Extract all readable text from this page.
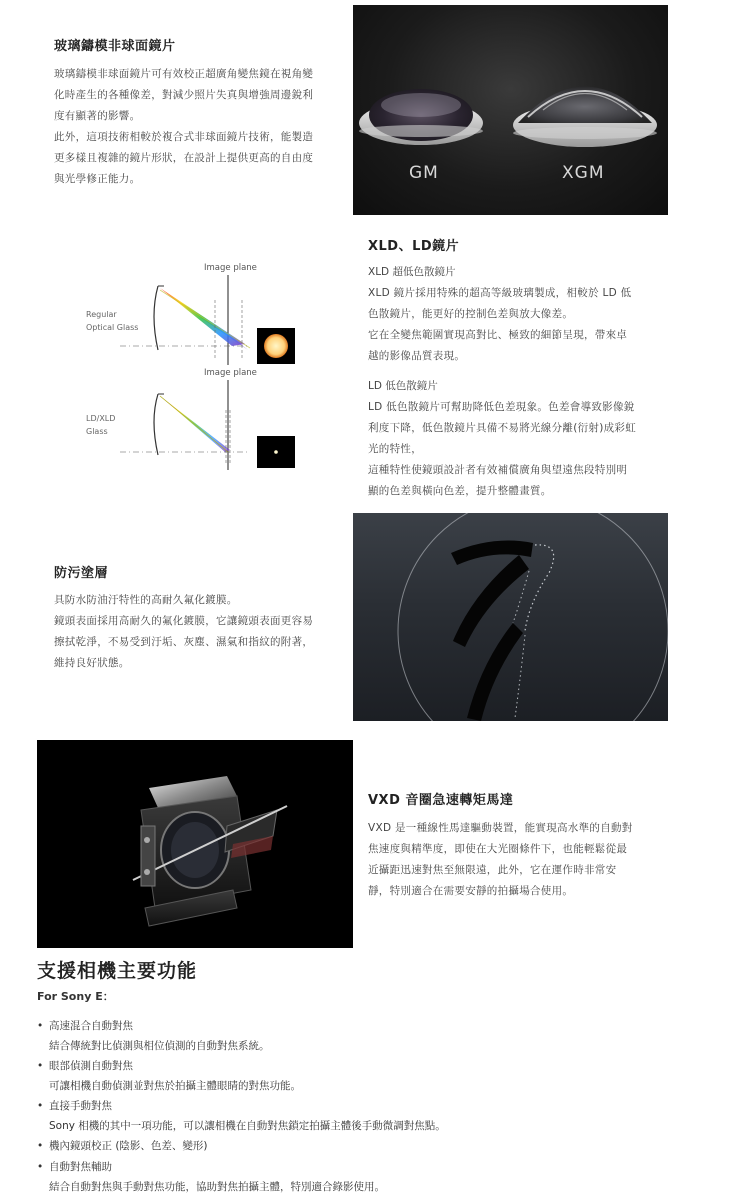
玻璃鑄模非球面鏡片
玻璃鑄模非球面鏡片可有效校正超廣角變焦鏡在視角變
化時產生的各種像差，對減少照片失真與增強周邊銳利
度有顯著的影響。
此外，這項技術相較於複合式非球面鏡片技術，能製造
更多樣且複雜的鏡片形狀，在設計上提供更高的自由度
與光學修正能力。	GM	XGM
Image plane
Image plane
Regular
Optical Glass
LD/XLD
Glass
XLD、LD鏡片
XLD 超低色散鏡片
XLD 鏡片採用特殊的超高等級玻璃製成，相較於 LD 低
色散鏡片，能更好的控制色差與放大像差。
它在全變焦範圍實現高對比、極致的細節呈現，帶來卓
越的影像品質表現。
LD 低色散鏡片
LD 低色散鏡片可幫助降低色差現象。色差會導致影像銳
利度下降，低色散鏡片具備不易將光線分離(衍射)成彩虹
光的特性，
這種特性使鏡頭設計者有效補償廣角與望遠焦段特別明
顯的色差與橫向色差，提升整體畫質。
防污塗層
具防水防油汙特性的高耐久氟化鍍膜。
鏡頭表面採用高耐久的氟化鍍膜，它讓鏡頭表面更容易
擦拭乾淨，不易受到汙垢、灰塵、濕氣和指紋的附著，
維持良好狀態。
VXD 音圈急速轉矩馬達
VXD 是一種線性馬達驅動裝置，能實現高水準的自動對
焦速度與精準度，即使在大光圈條件下，也能輕鬆從最
近攝距迅速對焦至無限遠，此外，它在運作時非常安
靜，特別適合在需要安靜的拍攝場合使用。
支援相機主要功能
For Sony E：
• 高速混合自動對焦
結合傳統對比偵測與相位偵測的自動對焦系統。
• 眼部偵測自動對焦
可讓相機自動偵測並對焦於拍攝主體眼睛的對焦功能。
• 直接手動對焦
Sony 相機的其中一項功能，可以讓相機在自動對焦鎖定拍攝主體後手動微調對焦點。
• 機內鏡頭校正 (陰影、色差、變形)
• 自動對焦輔助
結合自動對焦與手動對焦功能，協助對焦拍攝主體，特別適合錄影使用。
